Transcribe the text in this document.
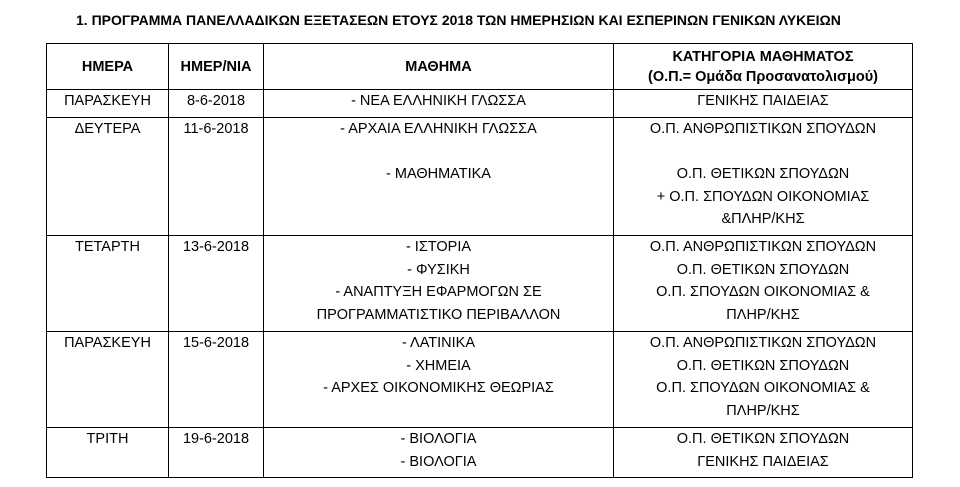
1. ΠΡΟΓΡΑΜΜΑ ΠΑΝΕΛΛΑΔΙΚΩΝ ΕΞΕΤΑΣΕΩΝ ΕΤΟΥΣ 2018 ΤΩΝ ΗΜΕΡΗΣΙΩΝ ΚΑΙ ΕΣΠΕΡΙΝΩΝ ΓΕΝΙΚΩΝ ΛΥΚΕΙΩΝ
ΗΜΕΡΑ	ΗΜΕΡ/ΝΙΑ	ΜΑΘΗΜΑ	ΚΑΤΗΓΟΡΙΑ ΜΑΘΗΜΑΤΟΣ
(Ο.Π.= Ομάδα Προσανατολισμού)

ΠΑΡΑΣΚΕΥΗ	8-6-2018	- ΝΕΑ ΕΛΛΗΝΙΚΗ ΓΛΩΣΣΑ	ΓΕΝΙΚΗΣ ΠΑΙΔΕΙΑΣ

ΔΕΥΤΕΡΑ	11-6-2018	- ΑΡΧΑΙΑ ΕΛΛΗΝΙΚΗ ΓΛΩΣΣΑ
- ΜΑΘΗΜΑΤΙΚΑ	Ο.Π. ΑΝΘΡΩΠΙΣΤΙΚΩΝ ΣΠΟΥΔΩΝ
Ο.Π. ΘΕΤΙΚΩΝ ΣΠΟΥΔΩΝ
+ Ο.Π. ΣΠΟΥΔΩΝ ΟΙΚΟΝΟΜΙΑΣ
&ΠΛΗΡ/ΚΗΣ

ΤΕΤΑΡΤΗ	13-6-2018	- ΙΣΤΟΡΙΑ
- ΦΥΣΙΚΗ
- ΑΝΑΠΤΥΞΗ ΕΦΑΡΜΟΓΩΝ ΣΕ
ΠΡΟΓΡΑΜΜΑΤΙΣΤΙΚΟ ΠΕΡΙΒΑΛΛΟΝ	Ο.Π. ΑΝΘΡΩΠΙΣΤΙΚΩΝ ΣΠΟΥΔΩΝ
Ο.Π. ΘΕΤΙΚΩΝ ΣΠΟΥΔΩΝ
Ο.Π. ΣΠΟΥΔΩΝ ΟΙΚΟΝΟΜΙΑΣ &
ΠΛΗΡ/ΚΗΣ

ΠΑΡΑΣΚΕΥΗ	15-6-2018	- ΛΑΤΙΝΙΚΑ
- ΧΗΜΕΙΑ
- ΑΡΧΕΣ ΟΙΚΟΝΟΜΙΚΗΣ ΘΕΩΡΙΑΣ	Ο.Π. ΑΝΘΡΩΠΙΣΤΙΚΩΝ ΣΠΟΥΔΩΝ
Ο.Π. ΘΕΤΙΚΩΝ ΣΠΟΥΔΩΝ
Ο.Π. ΣΠΟΥΔΩΝ ΟΙΚΟΝΟΜΙΑΣ &
ΠΛΗΡ/ΚΗΣ

ΤΡΙΤΗ	19-6-2018	- ΒΙΟΛΟΓΙΑ
- ΒΙΟΛΟΓΙΑ	Ο.Π. ΘΕΤΙΚΩΝ ΣΠΟΥΔΩΝ
ΓΕΝΙΚΗΣ ΠΑΙΔΕΙΑΣ
